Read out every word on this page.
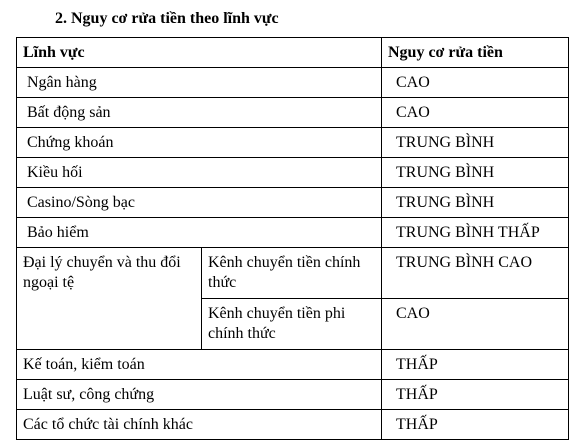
2. Nguy cơ rửa tiền theo lĩnh vực
Lĩnh vực		Nguy cơ rửa tiền
Ngân hàng		CAO
Bất động sản		CAO
Chứng khoán		TRUNG BÌNH
Kiều hối		TRUNG BÌNH
Casino/Sòng bạc		TRUNG BÌNH
Bảo hiểm		TRUNG BÌNH THẤP
Đại lý chuyển và thu đổi ngoại tệ	Kênh chuyển tiền chính thức	TRUNG BÌNH CAO
	Kênh chuyển tiền phi chính thức	CAO
Kế toán, kiểm toán		THẤP
Luật sư, công chứng		THẤP
Các tổ chức tài chính khác		THẤP
